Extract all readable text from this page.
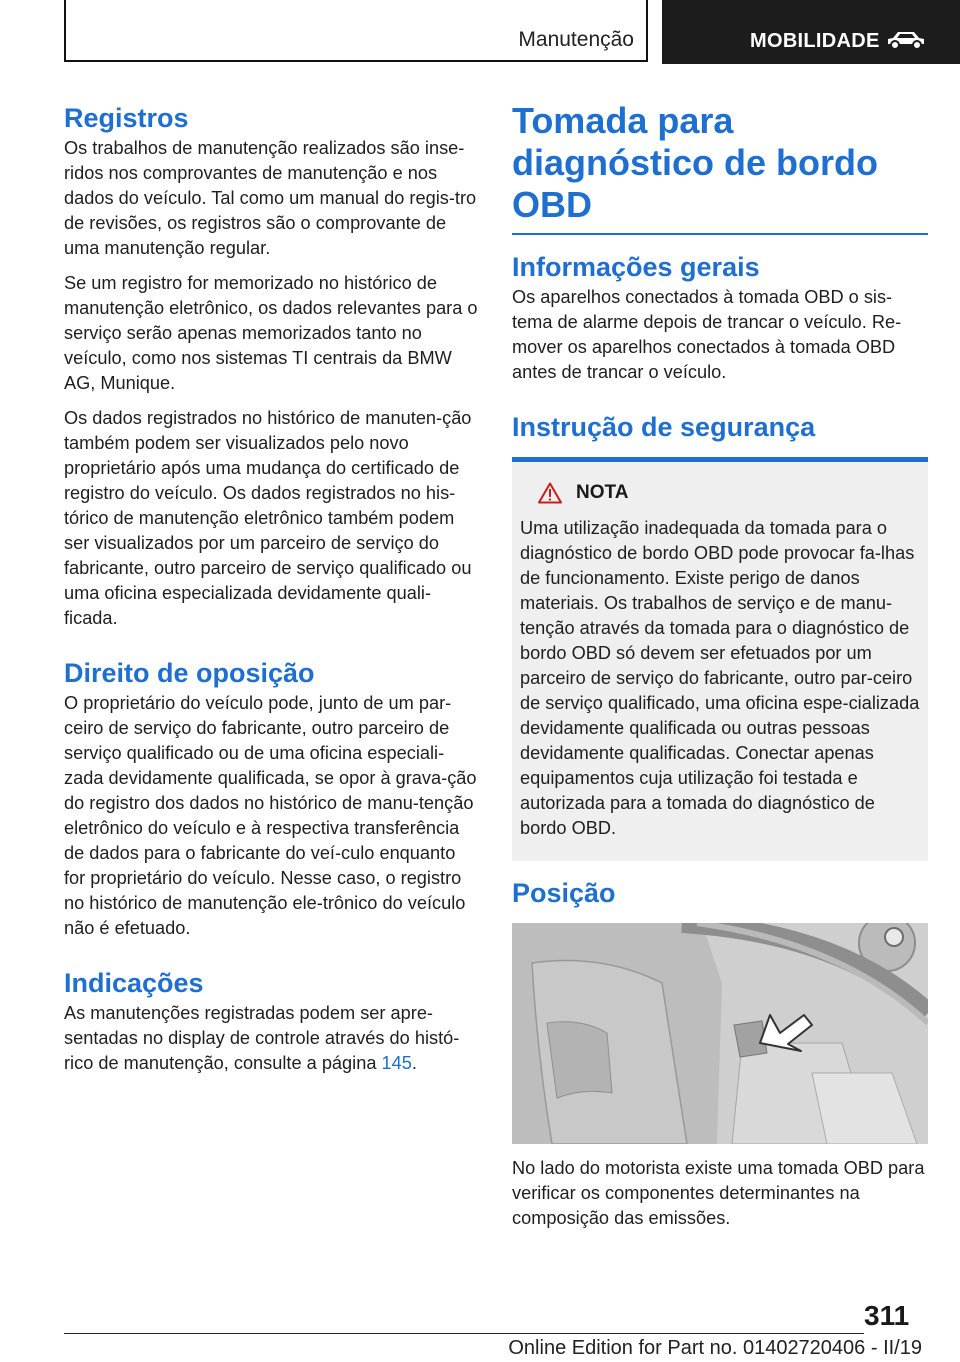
Manutenção	MOBILIDADE
Registros

Os trabalhos de manutenção realizados são inse-ridos nos comprovantes de manutenção e nos dados do veículo. Tal como um manual do regis-tro de revisões, os registros são o comprovante de uma manutenção regular.

Se um registro for memorizado no histórico de manutenção eletrônico, os dados relevantes para o serviço serão apenas memorizados tanto no veículo, como nos sistemas TI centrais da BMW AG, Munique.

Os dados registrados no histórico de manuten-ção também podem ser visualizados pelo novo proprietário após uma mudança do certificado de registro do veículo. Os dados registrados no his-tórico de manutenção eletrônico também podem ser visualizados por um parceiro de serviço do fabricante, outro parceiro de serviço qualificado ou uma oficina especializada devidamente quali-ficada.

Direito de oposição

O proprietário do veículo pode, junto de um par-ceiro de serviço do fabricante, outro parceiro de serviço qualificado ou de uma oficina especiali-zada devidamente qualificada, se opor à grava-ção do registro dos dados no histórico de manu-tenção eletrônico do veículo e à respectiva transferência de dados para o fabricante do veí-culo enquanto for proprietário do veículo. Nesse caso, o registro no histórico de manutenção ele-trônico do veículo não é efetuado.

Indicações

As manutenções registradas podem ser apre-sentadas no display de controle através do histó-rico de manutenção, consulte a página 145.

Tomada para diagnóstico de bordo OBD
Informações gerais

Os aparelhos conectados à tomada OBD o sis-tema de alarme depois de trancar o veículo. Re-mover os aparelhos conectados à tomada OBD antes de trancar o veículo.

Instrução de segurança
NOTA

Uma utilização inadequada da tomada para o diagnóstico de bordo OBD pode provocar fa-lhas de funcionamento. Existe perigo de danos materiais. Os trabalhos de serviço e de manu-tenção através da tomada para o diagnóstico de bordo OBD só devem ser efetuados por um parceiro de serviço do fabricante, outro par-ceiro de serviço qualificado, uma oficina espe-cializada devidamente qualificada ou outras pessoas devidamente qualificadas. Conectar apenas equipamentos cuja utilização foi testada e autorizada para a tomada do diagnóstico de bordo OBD.

Posição

No lado do motorista existe uma tomada OBD para verificar os componentes determinantes na composição das emissões.

311
Online Edition for Part no. 01402720406 - II/19
